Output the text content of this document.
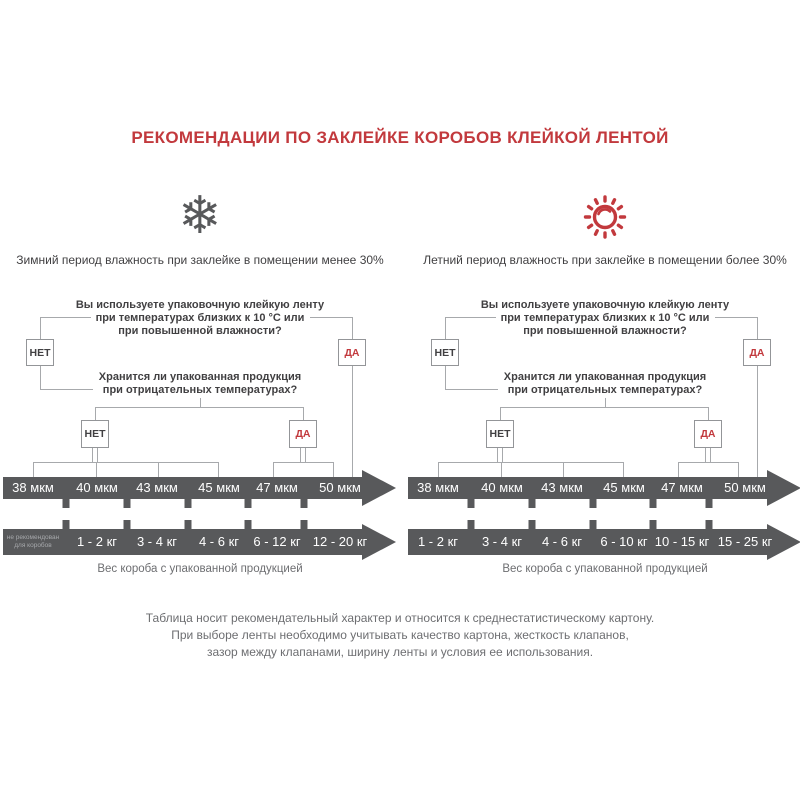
РЕКОМЕНДАЦИИ ПО ЗАКЛЕЙКЕ КОРОБОВ КЛЕЙКОЙ ЛЕНТОЙ
❄
Зимний период влажность при заклейке в помещении менее 30%
Вы используете упаковочную клейкую ленту
при температурах близких к 10 °С или
при повышенной влажности?
НЕТ	ДА
Хранится ли упакованная продукция
при отрицательных температурах?
НЕТ	ДА
38 мкм 40 мкм 43 мкм 45 мкм 47 мкм 50 мкм
не рекомендован
для коробов	1 - 2 кг 3 - 4 кг 4 - 6 кг 6 - 12 кг 12 - 20 кг
Вес короба с упакованной продукцией
Летний период влажность при заклейке в помещении более 30%
Вы используете упаковочную клейкую ленту
при температурах близких к 10 °С или
при повышенной влажности?
НЕТ	ДА
Хранится ли упакованная продукция
при отрицательных температурах?
НЕТ	ДА
38 мкм 40 мкм 43 мкм 45 мкм 47 мкм 50 мкм
1 - 2 кг 3 - 4 кг 4 - 6 кг 6 - 10 кг 10 - 15 кг 15 - 25 кг
Вес короба с упакованной продукцией
Таблица носит рекомендательный характер и относится к среднестатистическому картону.
При выборе ленты необходимо учитывать качество картона, жесткость клапанов,
зазор между клапанами, ширину ленты и условия ее использования.
